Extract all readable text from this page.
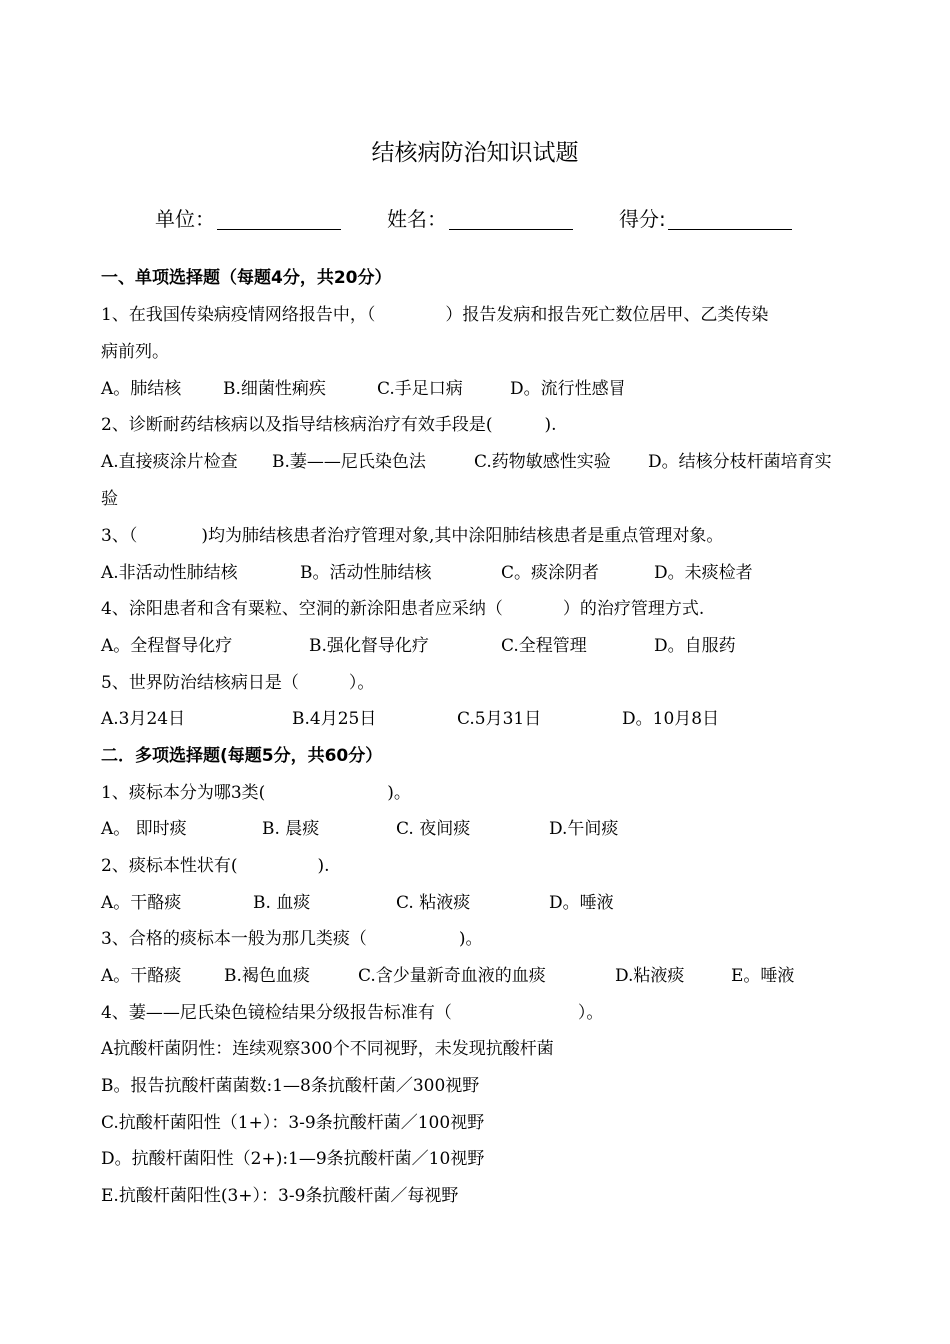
结核病防治知识试题
单位：	姓名：	得分:
一、单项选择题（每题4分，共20分）
1、在我国传染病疫情网络报告中，（	）报告发病和报告死亡数位居甲、乙类传染
病前列。
A。肺结核 B.细菌性痢疾	C.手足口病	D。流行性感冒
2、诊断耐药结核病以及指导结核病治疗有效手段是(	).
A.直接痰涂片检查 B.萋——尼氏染色法	C.药物敏感性实验 D。结核分枝杆菌培育实
验
3、（	)均为肺结核患者治疗管理对象,其中涂阳肺结核患者是重点管理对象。
A.非活动性肺结核	B。活动性肺结核	C。痰涂阴者	D。未痰检者
4、涂阳患者和含有粟粒、空洞的新涂阳患者应采纳（	）的治疗管理方式.
A。全程督导化疗	B.强化督导化疗	C.全程管理	D。自服药
5、世界防治结核病日是（	）。
A.3月24日	B.4月25日	C.5月31日	D。10月8日
二．多项选择题(每题5分，共60分）
1、痰标本分为哪3类(	)。
A。 即时痰	B. 晨痰	C. 夜间痰	D.午间痰
2、痰标本性状有(	).
A。干酪痰	B. 血痰	C. 粘液痰	D。唾液
3、合格的痰标本一般为那几类痰（	)。
A。干酪痰	B.褐色血痰	C.含少量新奇血液的血痰	D.粘液痰	E。唾液
4、萋——尼氏染色镜检结果分级报告标准有（	）。
A抗酸杆菌阴性：连续观察300个不同视野，未发现抗酸杆菌
B。报告抗酸杆菌菌数:1—8条抗酸杆菌／300视野
C.抗酸杆菌阳性（1+）：3-9条抗酸杆菌／100视野
D。抗酸杆菌阳性（2+):1—9条抗酸杆菌／10视野
E.抗酸杆菌阳性(3+）：3-9条抗酸杆菌／每视野
